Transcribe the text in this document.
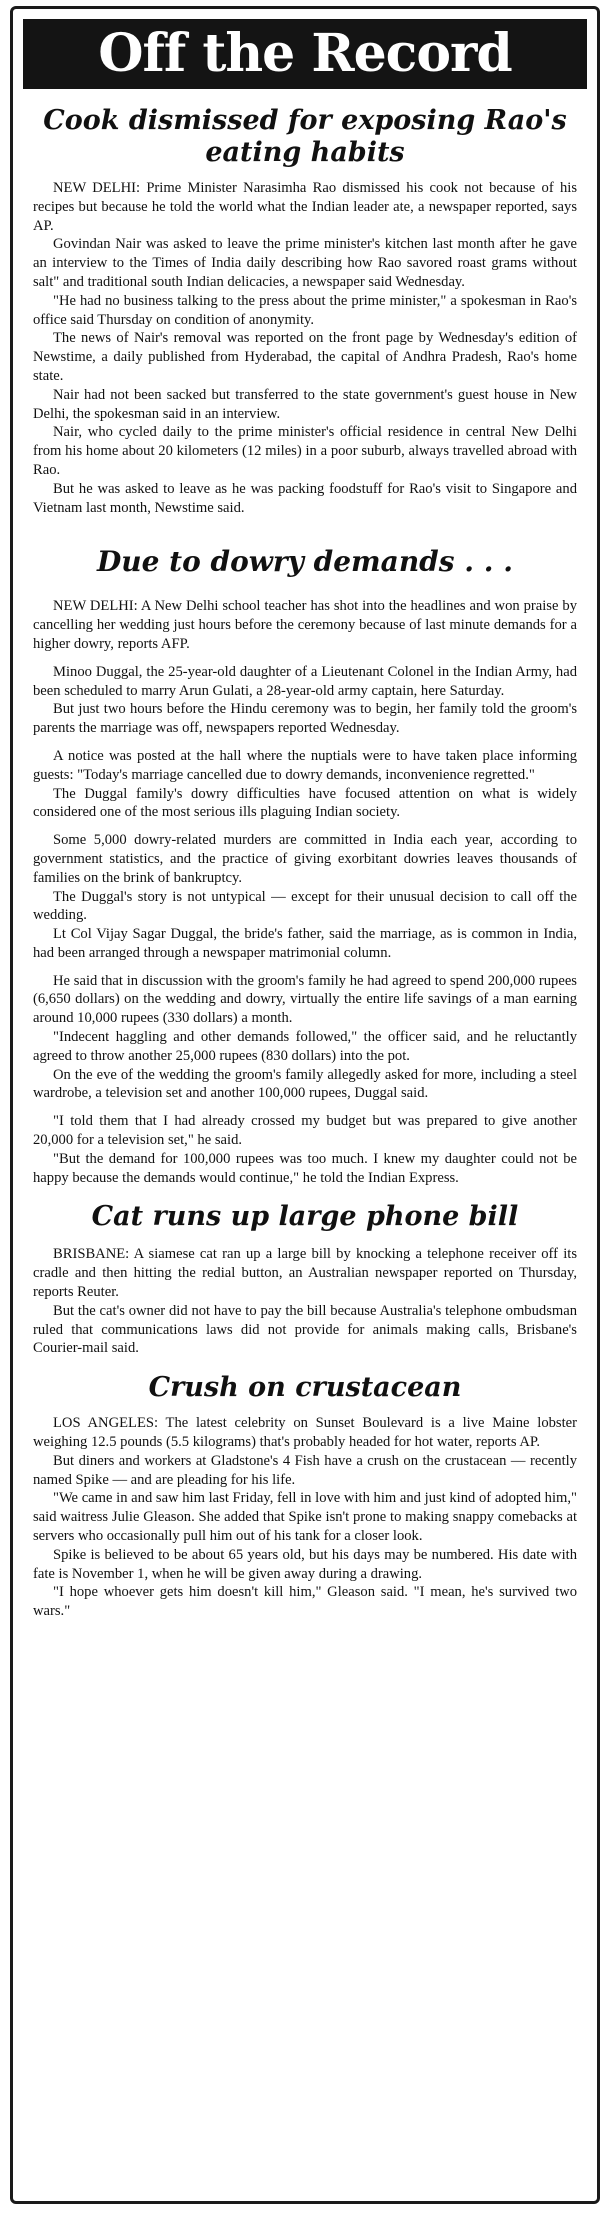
Off the Record
Cook dismissed for exposing Rao's eating habits

NEW DELHI: Prime Minister Narasimha Rao dismissed his cook not because of his recipes but because he told the world what the Indian leader ate, a newspaper reported, says AP.

Govindan Nair was asked to leave the prime minister's kitchen last month after he gave an interview to the Times of India daily describing how Rao savored roast grams without salt" and traditional south Indian delicacies, a newspaper said Wednesday.

"He had no business talking to the press about the prime minister," a spokesman in Rao's office said Thursday on condition of anonymity.

The news of Nair's removal was reported on the front page by Wednesday's edition of Newstime, a daily published from Hyderabad, the capital of Andhra Pradesh, Rao's home state.

Nair had not been sacked but transferred to the state government's guest house in New Delhi, the spokesman said in an interview.

Nair, who cycled daily to the prime minister's official residence in central New Delhi from his home about 20 kilometers (12 miles) in a poor suburb, always travelled abroad with Rao.

But he was asked to leave as he was packing foodstuff for Rao's visit to Singapore and Vietnam last month, Newstime said.

Due to dowry demands . . .

NEW DELHI: A New Delhi school teacher has shot into the headlines and won praise by cancelling her wedding just hours before the ceremony because of last minute demands for a higher dowry, reports AFP.

Minoo Duggal, the 25-year-old daughter of a Lieutenant Colonel in the Indian Army, had been scheduled to marry Arun Gulati, a 28-year-old army captain, here Saturday.

But just two hours before the Hindu ceremony was to begin, her family told the groom's parents the marriage was off, newspapers reported Wednesday.

A notice was posted at the hall where the nuptials were to have taken place informing guests: "Today's marriage cancelled due to dowry demands, inconvenience regretted."

The Duggal family's dowry difficulties have focused attention on what is widely considered one of the most serious ills plaguing Indian society.

Some 5,000 dowry-related murders are committed in India each year, according to government statistics, and the practice of giving exorbitant dowries leaves thousands of families on the brink of bankruptcy.

The Duggal's story is not untypical — except for their unusual decision to call off the wedding.

Lt Col Vijay Sagar Duggal, the bride's father, said the marriage, as is common in India, had been arranged through a newspaper matrimonial column.

He said that in discussion with the groom's family he had agreed to spend 200,000 rupees (6,650 dollars) on the wedding and dowry, virtually the entire life savings of a man earning around 10,000 rupees (330 dollars) a month.

"Indecent haggling and other demands followed," the officer said, and he reluctantly agreed to throw another 25,000 rupees (830 dollars) into the pot.

On the eve of the wedding the groom's family allegedly asked for more, including a steel wardrobe, a television set and another 100,000 rupees, Duggal said.

"I told them that I had already crossed my budget but was prepared to give another 20,000 for a television set," he said.

"But the demand for 100,000 rupees was too much. I knew my daughter could not be happy because the demands would continue," he told the Indian Express.

Cat runs up large phone bill

BRISBANE: A siamese cat ran up a large bill by knocking a telephone receiver off its cradle and then hitting the redial button, an Australian newspaper reported on Thursday, reports Reuter.

But the cat's owner did not have to pay the bill because Australia's telephone ombudsman ruled that communications laws did not provide for animals making calls, Brisbane's Courier-mail said.

Crush on crustacean

LOS ANGELES: The latest celebrity on Sunset Boulevard is a live Maine lobster weighing 12.5 pounds (5.5 kilograms) that's probably headed for hot water, reports AP.

But diners and workers at Gladstone's 4 Fish have a crush on the crustacean — recently named Spike — and are pleading for his life.

"We came in and saw him last Friday, fell in love with him and just kind of adopted him," said waitress Julie Gleason. She added that Spike isn't prone to making snappy comebacks at servers who occasionally pull him out of his tank for a closer look.

Spike is believed to be about 65 years old, but his days may be numbered. His date with fate is November 1, when he will be given away during a drawing.

"I hope whoever gets him doesn't kill him," Gleason said. "I mean, he's survived two wars."
